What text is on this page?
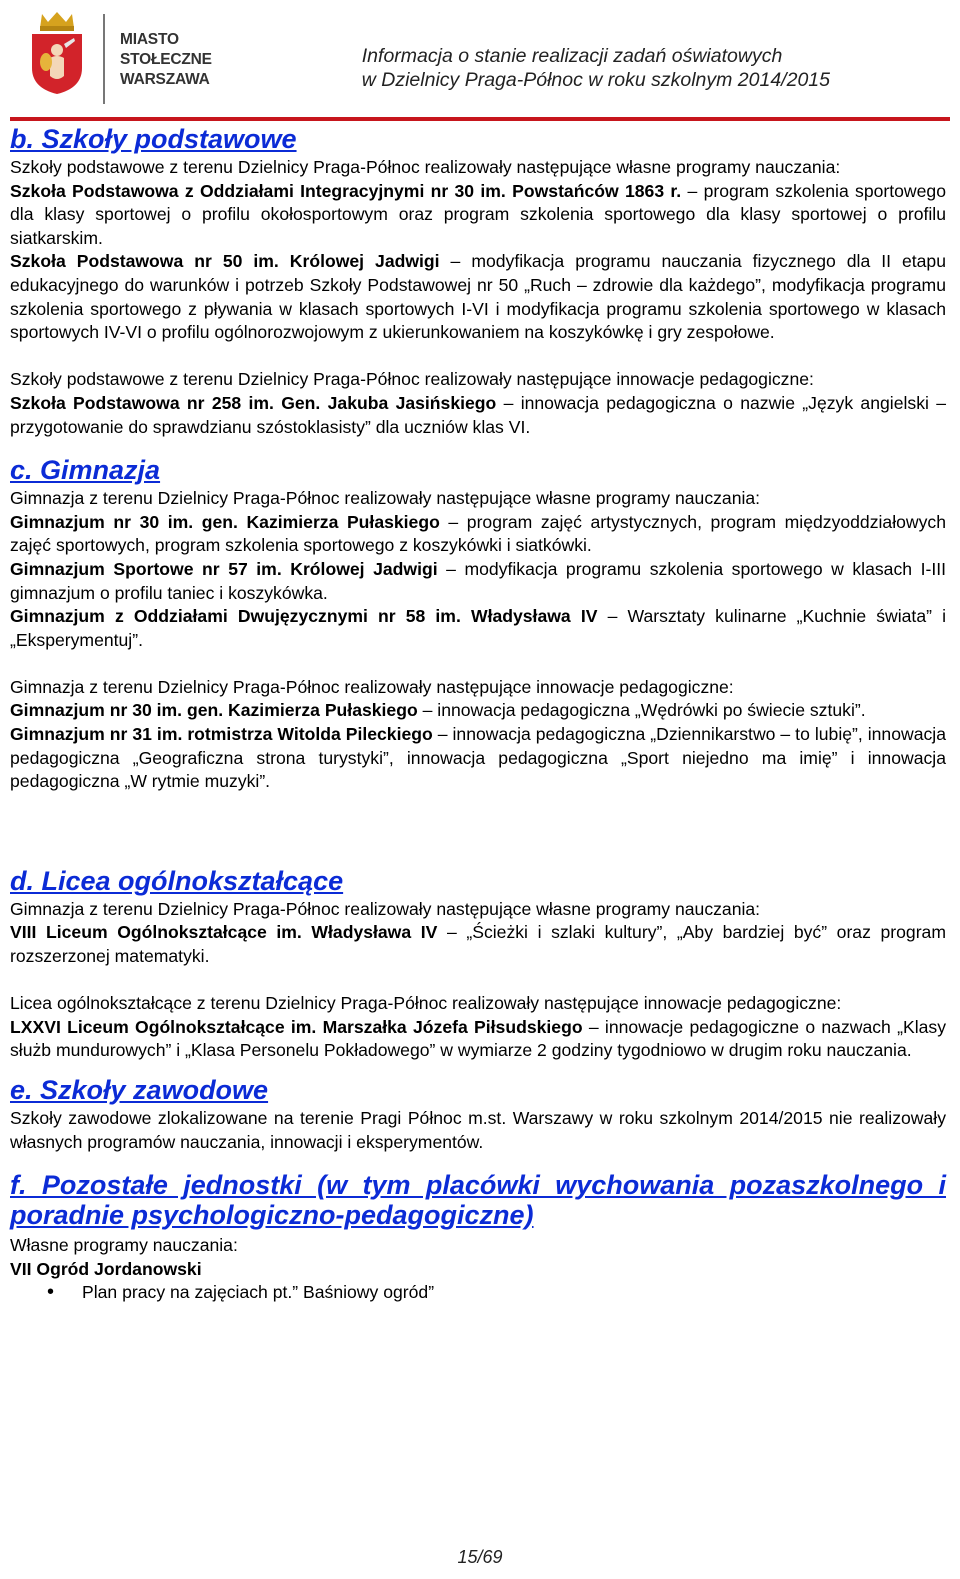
MIASTO
STOŁECZNE
WARSZAWA
Informacja o stanie realizacji zadań oświatowych
w Dzielnicy Praga-Północ w roku szkolnym 2014/2015
b. Szkoły podstawowe

Szkoły podstawowe z terenu Dzielnicy Praga-Północ realizowały następujące własne programy nauczania:

Szkoła Podstawowa z Oddziałami Integracyjnymi nr 30 im. Powstańców 1863 r. – program szkolenia sportowego dla klasy sportowej o profilu okołosportowym oraz program szkolenia sportowego dla klasy sportowej o profilu siatkarskim.

Szkoła Podstawowa nr 50 im. Królowej Jadwigi – modyfikacja programu nauczania fizycznego dla II etapu edukacyjnego do warunków i potrzeb Szkoły Podstawowej nr 50 „Ruch – zdrowie dla każdego”, modyfikacja programu szkolenia sportowego z pływania w klasach sportowych I-VI i modyfikacja programu szkolenia sportowego w klasach sportowych IV-VI o profilu ogólnorozwojowym z ukierunkowaniem na koszykówkę i gry zespołowe.

Szkoły podstawowe z terenu Dzielnicy Praga-Północ realizowały następujące innowacje pedagogiczne:

Szkoła Podstawowa nr 258 im. Gen. Jakuba Jasińskiego – innowacja pedagogiczna o nazwie „Język angielski – przygotowanie do sprawdzianu szóstoklasisty” dla uczniów klas VI.

c. Gimnazja

Gimnazja z terenu Dzielnicy Praga-Północ realizowały następujące własne programy nauczania:

Gimnazjum nr 30 im. gen. Kazimierza Pułaskiego – program zajęć artystycznych, program międzyoddziałowych zajęć sportowych, program szkolenia sportowego z koszykówki i siatkówki.

Gimnazjum Sportowe nr 57 im. Królowej Jadwigi – modyfikacja programu szkolenia sportowego w klasach I-III gimnazjum o profilu taniec i koszykówka.

Gimnazjum z Oddziałami Dwujęzycznymi nr 58 im. Władysława IV – Warsztaty kulinarne „Kuchnie świata” i „Eksperymentuj”.

Gimnazja z terenu Dzielnicy Praga-Północ realizowały następujące innowacje pedagogiczne:

Gimnazjum nr 30 im. gen. Kazimierza Pułaskiego – innowacja pedagogiczna „Wędrówki po świecie sztuki”.

Gimnazjum nr 31 im. rotmistrza Witolda Pileckiego – innowacja pedagogiczna „Dziennikarstwo – to lubię”, innowacja pedagogiczna „Geograficzna strona turystyki”, innowacja pedagogiczna „Sport niejedno ma imię” i innowacja pedagogiczna „W rytmie muzyki”.

d. Licea ogólnokształcące

Gimnazja z terenu Dzielnicy Praga-Północ realizowały następujące własne programy nauczania:

VIII Liceum Ogólnokształcące im. Władysława IV – „Ścieżki i szlaki kultury”, „Aby bardziej być” oraz program rozszerzonej matematyki.

Licea ogólnokształcące z terenu Dzielnicy Praga-Północ realizowały następujące innowacje pedagogiczne:

LXXVI Liceum Ogólnokształcące im. Marszałka Józefa Piłsudskiego – innowacje pedagogiczne o nazwach „Klasy służb mundurowych” i „Klasa Personelu Pokładowego” w wymiarze 2 godziny tygodniowo w drugim roku nauczania.

e. Szkoły zawodowe

Szkoły zawodowe zlokalizowane na terenie Pragi Północ m.st. Warszawy w roku szkolnym 2014/2015 nie realizowały własnych programów nauczania, innowacji i eksperymentów.

f. Pozostałe jednostki (w tym placówki wychowania pozaszkolnego i poradnie psychologiczno-pedagogiczne)

Własne programy nauczania:

VII Ogród Jordanowski

• Plan pracy na zajęciach pt.” Baśniowy ogród”
15/69
